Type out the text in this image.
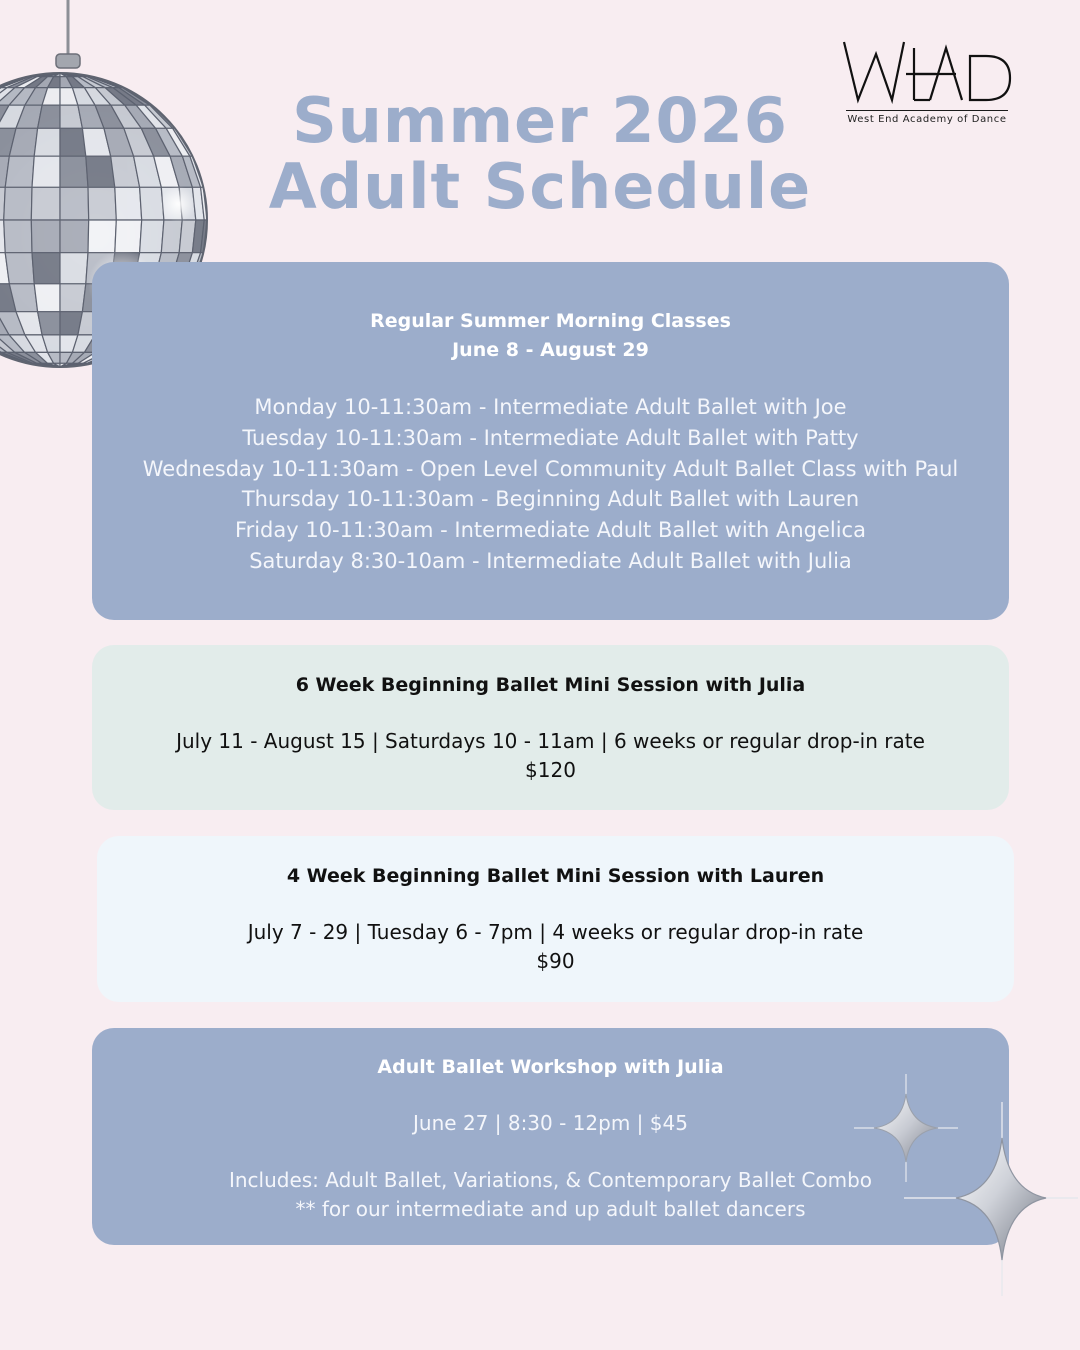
West End Academy of Dance
Summer 2026
Adult Schedule
Regular Summer Morning Classes
June 8 - August 29
Monday 10-11:30am - Intermediate Adult Ballet with Joe
Tuesday 10-11:30am - Intermediate Adult Ballet with Patty
Wednesday 10-11:30am - Open Level Community Adult Ballet Class with Paul
Thursday 10-11:30am - Beginning Adult Ballet with Lauren
Friday 10-11:30am - Intermediate Adult Ballet with Angelica
Saturday 8:30-10am - Intermediate Adult Ballet with Julia
6 Week Beginning Ballet Mini Session with Julia
July 11 - August 15 | Saturdays 10 - 11am | 6 weeks or regular drop-in rate
$120
4 Week Beginning Ballet Mini Session with Lauren
July 7 - 29 | Tuesday 6 - 7pm | 4 weeks or regular drop-in rate
$90
Adult Ballet Workshop with Julia
June 27 | 8:30 - 12pm | $45
Includes: Adult Ballet, Variations, & Contemporary Ballet Combo
** for our intermediate and up adult ballet dancers
